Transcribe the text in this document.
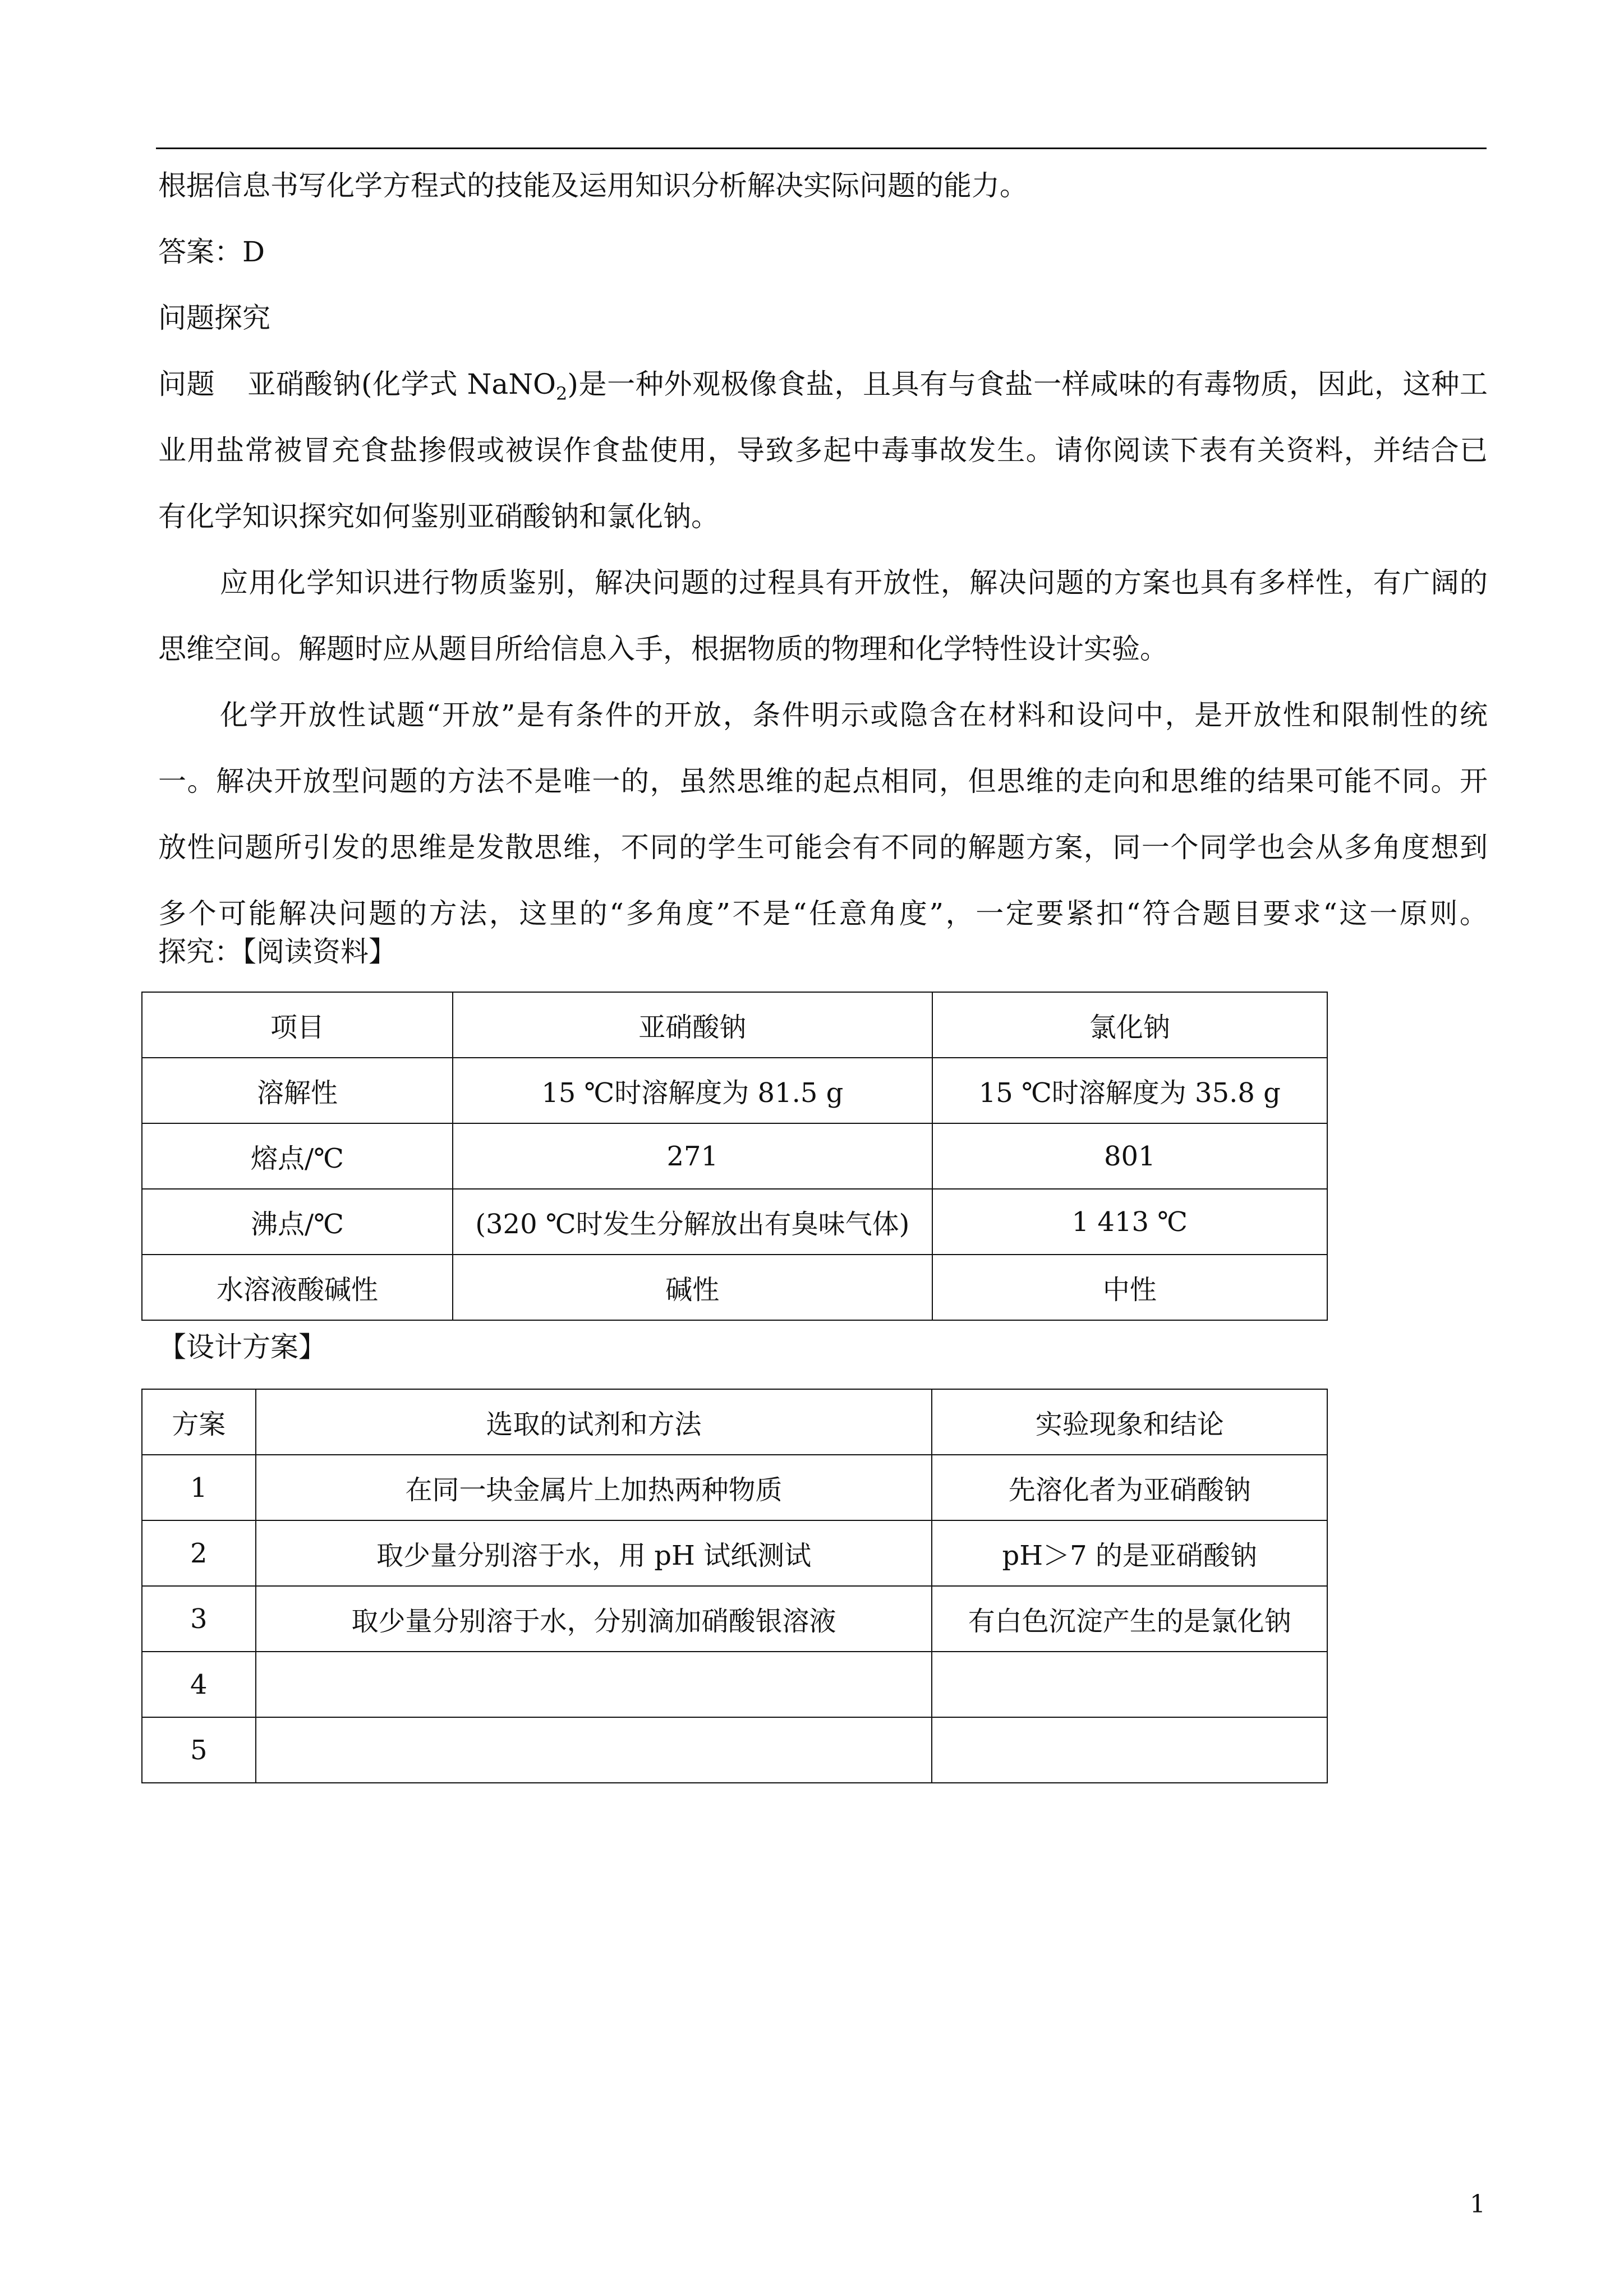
根据信息书写化学方程式的技能及运用知识分析解决实际问题的能力。
答案：D
问题探究
问题 亚硝酸钠(化学式 NaNO$_2$)是一种外观极像食盐，且具有与食盐一样咸味的有毒物质，因此，这种工
业用盐常被冒充食盐掺假或被误作食盐使用，导致多起中毒事故发生。请你阅读下表有关资料，并结合已
有化学知识探究如何鉴别亚硝酸钠和氯化钠。
应用化学知识进行物质鉴别，解决问题的过程具有开放性，解决问题的方案也具有多样性，有广阔的
思维空间。解题时应从题目所给信息入手，根据物质的物理和化学特性设计实验。
化学开放性试题“开放”是有条件的开放，条件明示或隐含在材料和设问中，是开放性和限制性的统
一。解决开放型问题的方法不是唯一的，虽然思维的起点相同，但思维的走向和思维的结果可能不同。开
放性问题所引发的思维是发散思维，不同的学生可能会有不同的解题方案，同一个同学也会从多角度想到
多个可能解决问题的方法，这里的“多角度”不是“任意角度”，一定要紧扣“符合题目要求“这一原则。
探究：【阅读资料】
项目	亚硝酸钠	氯化钠
溶解性	15 ℃时溶解度为 81.5 g	15 ℃时溶解度为 35.8 g
熔点/℃	271	801
沸点/℃	(320 ℃时发生分解放出有臭味气体)	1 413 ℃
水溶液酸碱性	碱性	中性
【设计方案】
方案	选取的试剂和方法	实验现象和结论
1	在同一块金属片上加热两种物质	先溶化者为亚硝酸钠
2	取少量分别溶于水，用 pH 试纸测试	pH＞7 的是亚硝酸钠
3	取少量分别溶于水，分别滴加硝酸银溶液	有白色沉淀产生的是氯化钠
4		
5		
1
